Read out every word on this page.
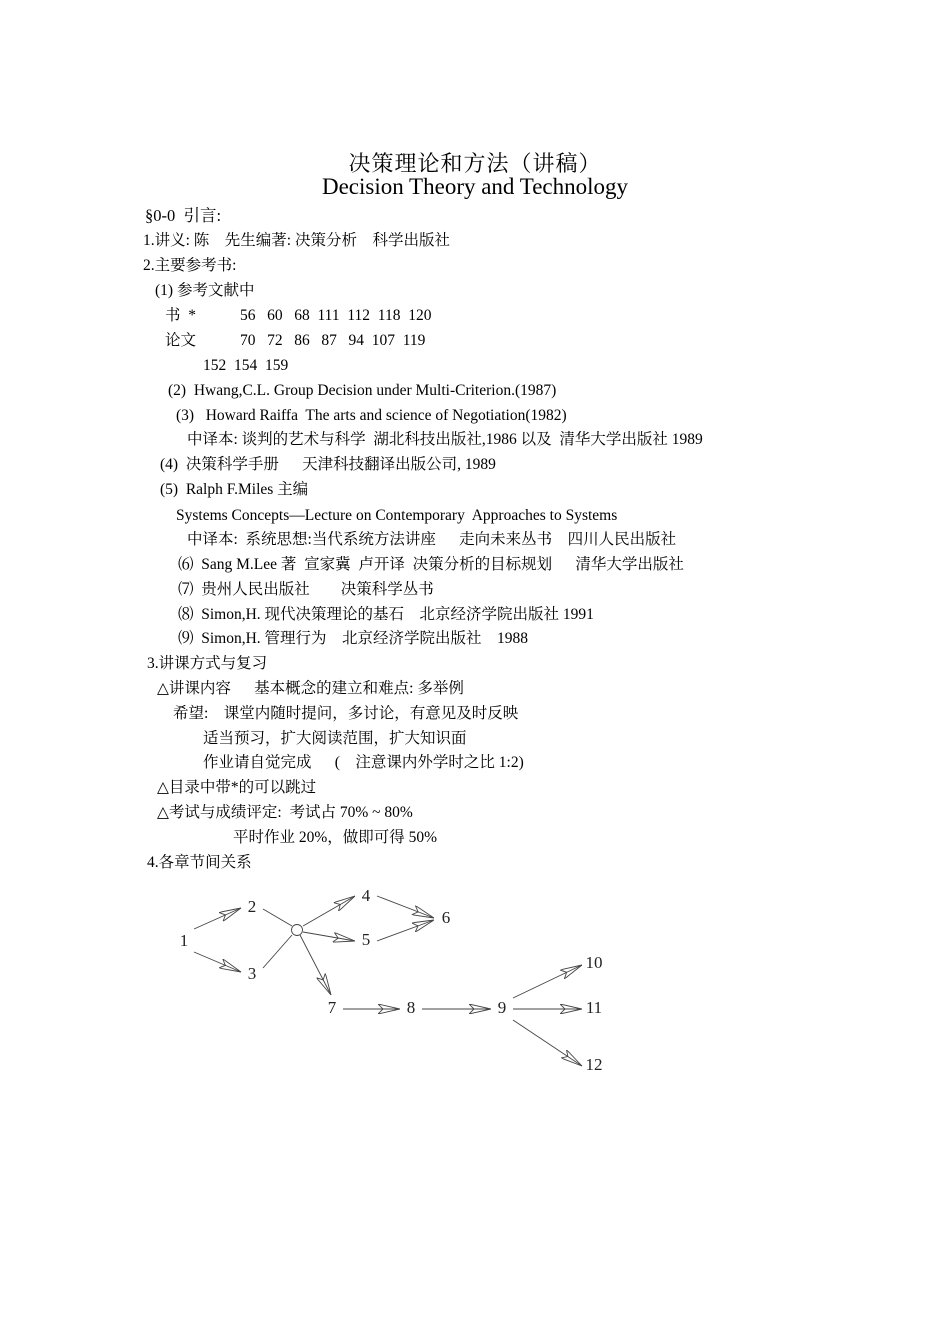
决策理论和方法（讲稿）
Decision Theory and Technology
§0-0  引言:
1.讲义: 陈    先生编著: 决策分析    科学出版社
2.主要参考书:
(1) 参考文献中
书  *	56   60   68  111  112  118  120
论文	70   72   86   87   94  107  119
152  154  159
(2)  Hwang,C.L. Group Decision under Multi-Criterion.(1987)
(3)   Howard Raiffa  The arts and science of Negotiation(1982)
中译本: 谈判的艺术与科学  湖北科技出版社,1986 以及  清华大学出版社 1989
(4)  决策科学手册      天津科技翻译出版公司, 1989
(5)  Ralph F.Miles 主编
Systems Concepts—Lecture on Contemporary  Approaches to Systems
中译本:  系统思想:当代系统方法讲座      走向未来丛书    四川人民出版社
⑹  Sang M.Lee 著  宣家冀  卢开译  决策分析的目标规划      清华大学出版社
⑺  贵州人民出版社        决策科学丛书
⑻  Simon,H. 现代决策理论的基石    北京经济学院出版社 1991
⑼  Simon,H. 管理行为    北京经济学院出版社    1988
3.讲课方式与复习
△讲课内容      基本概念的建立和难点: 多举例
希望:    课堂内随时提问，多讨论，有意见及时反映
适当预习，扩大阅读范围，扩大知识面
作业请自觉完成      (    注意课内外学时之比 1:2)
△目录中带*的可以跳过
△考试与成绩评定:  考试占 70% ~ 80%
平时作业 20%，做即可得 50%
4.各章节间关系
1
2
3
4
5
6
7	8	9
10
11
12
